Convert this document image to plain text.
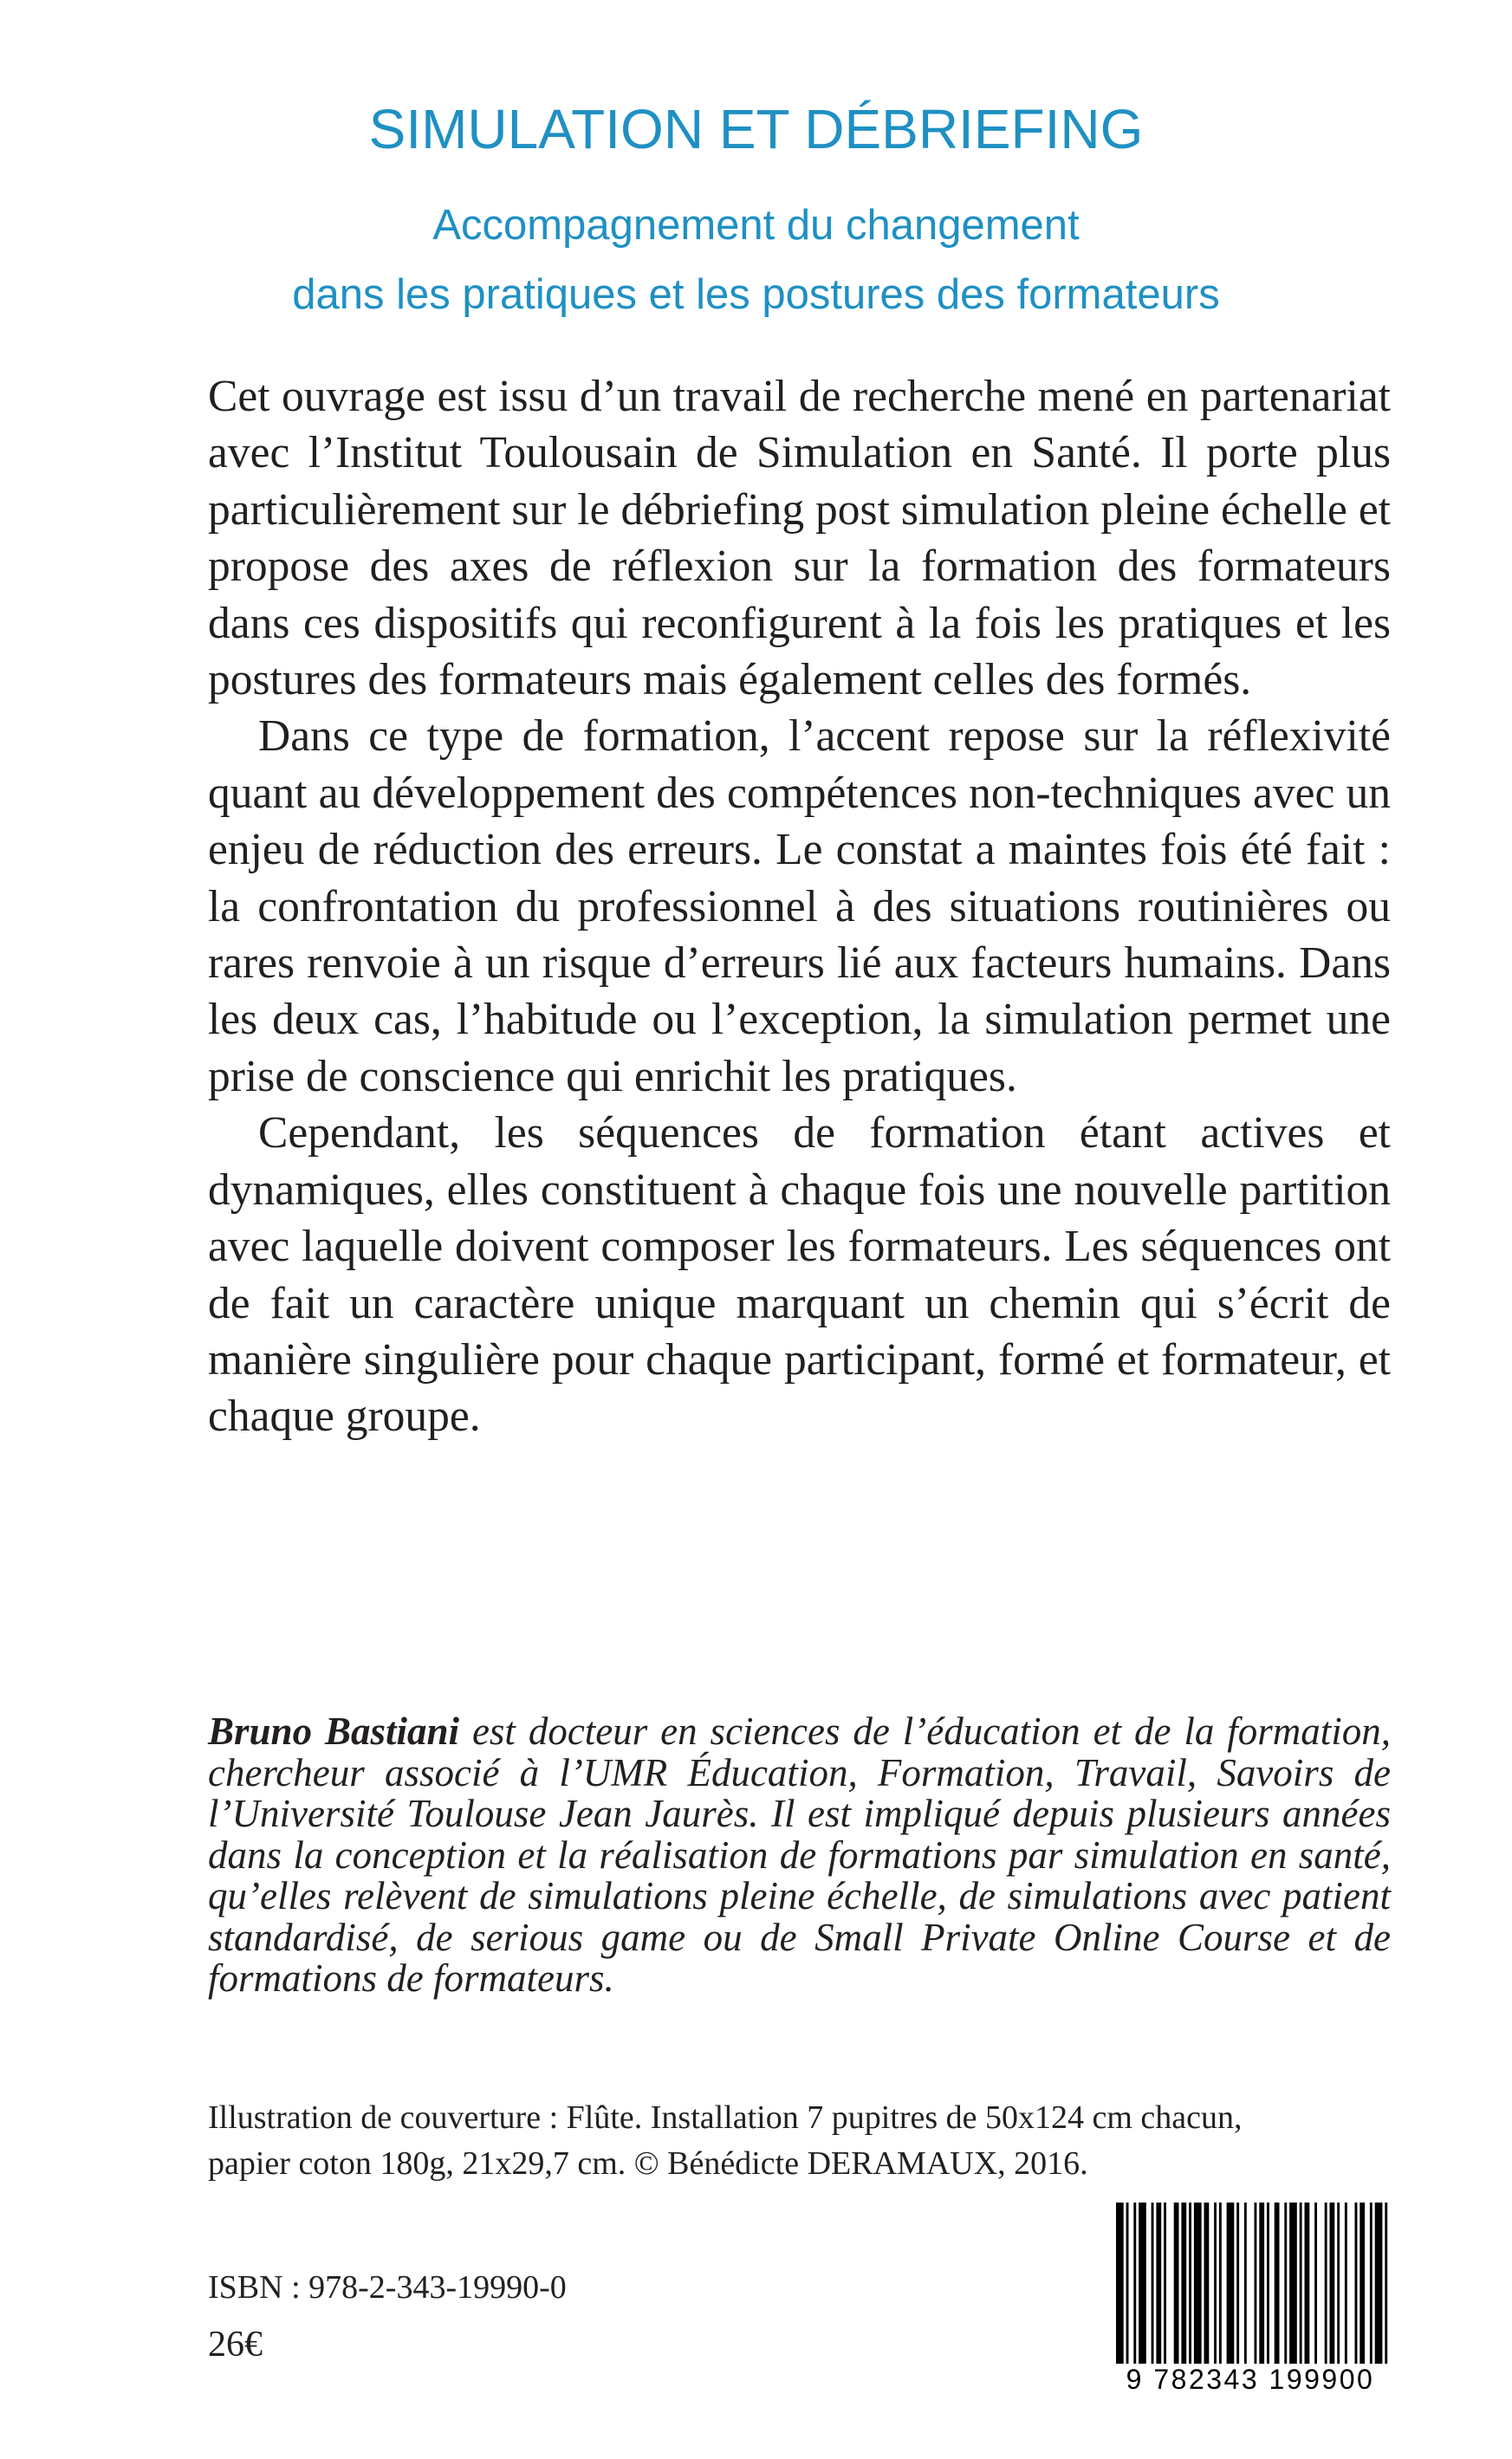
SIMULATION ET DÉBRIEFING
Accompagnement du changement
dans les pratiques et les postures des formateurs

Cet ouvrage est issu d’un travail de recherche mené en partenariat avec l’Institut Toulousain de Simulation en Santé. Il porte plus particulièrement sur le débriefing post simulation pleine échelle et propose des axes de réflexion sur la formation des formateurs dans ces dispositifs qui reconfigurent à la fois les pratiques et les postures des formateurs mais également celles des formés.

Dans ce type de formation, l’accent repose sur la réflexivité quant au développement des compétences non-techniques avec un enjeu de réduction des erreurs. Le constat a maintes fois été fait : la confrontation du professionnel à des situations routinières ou rares renvoie à un risque d’erreurs lié aux facteurs humains. Dans les deux cas, l’habitude ou l’exception, la simulation permet une prise de conscience qui enrichit les pratiques.

Cependant, les séquences de formation étant actives et dynamiques, elles constituent à chaque fois une nouvelle partition avec laquelle doivent composer les formateurs. Les séquences ont de fait un caractère unique marquant un chemin qui s’écrit de manière singulière pour chaque participant, formé et formateur, et chaque groupe.

Bruno Bastiani est docteur en sciences de l’éducation et de la formation, chercheur associé à l’UMR Éducation, Formation, Travail, Savoirs de l’Université Toulouse Jean Jaurès. Il est impliqué depuis plusieurs années dans la conception et la réalisation de formations par simulation en santé, qu’elles relèvent de simulations pleine échelle, de simulations avec patient standardisé, de serious game ou de Small Private Online Course et de formations de formateurs.

Illustration de couverture : Flûte. Installation 7 pupitres de 50x124 cm chacun,
papier coton 180g, 21x29,7 cm. © Bénédicte DERAMAUX, 2016.
ISBN : 978-2-343-19990-0
26€
9 782343 199900
